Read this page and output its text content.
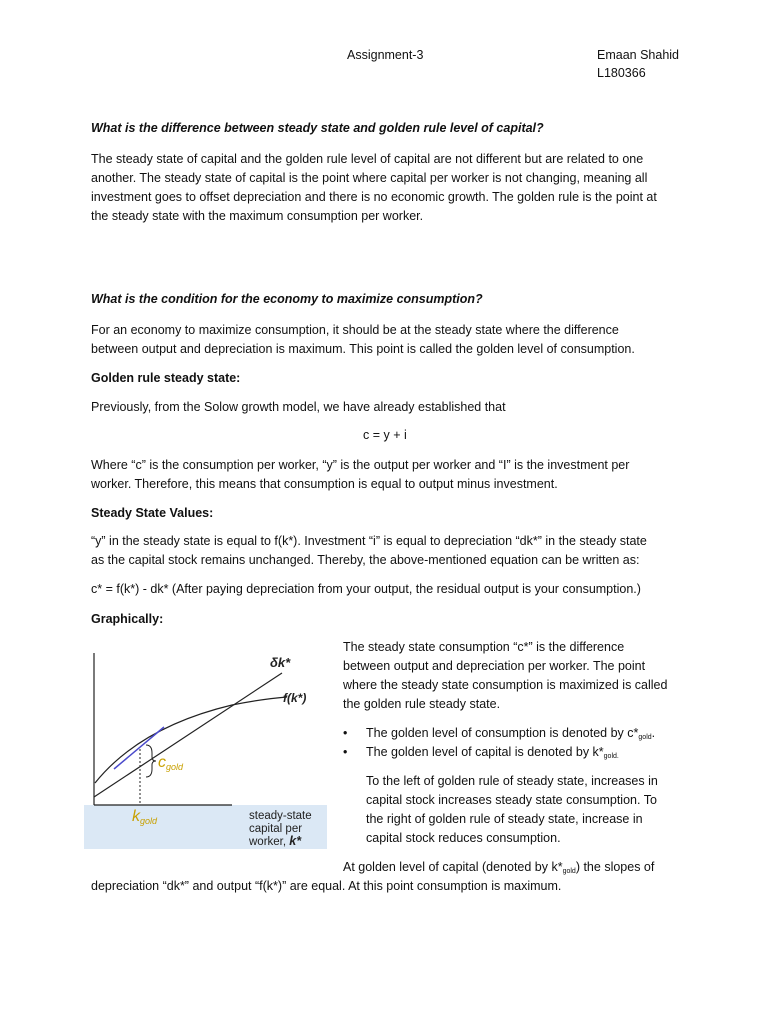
Assignment-3	Emaan Shahid
L180366
What is the difference between steady state and golden rule level of capital?
The steady state of capital and the golden rule level of capital are not different but are related to one
another. The steady state of capital is the point where capital per worker is not changing, meaning all
investment goes to offset depreciation and there is no economic growth. The golden rule is the point at
the steady state with the maximum consumption per worker.
What is the condition for the economy to maximize consumption?
For an economy to maximize consumption, it should be at the steady state where the difference
between output and depreciation is maximum. This point is called the golden level of consumption.
Golden rule steady state:
Previously, from the Solow growth model, we have already established that
c = y + i
Where “c” is the consumption per worker, “y” is the output per worker and “I” is the investment per
worker. Therefore, this means that consumption is equal to output minus investment.
Steady State Values:
“y” in the steady state is equal to f(k*). Investment “i” is equal to depreciation “dk*” in the steady state
as the capital stock remains unchanged. Thereby, the above-mentioned equation can be written as:
c* = f(k*) - dk* (After paying depreciation from your output, the residual output is your consumption.)
Graphically:
δk*
f(k*)
cgold
kgold	steady-state capital per worker, k*
The steady state consumption “c*” is the difference
between output and depreciation per worker. The point
where the steady state consumption is maximized is called
the golden rule steady state.
• The golden level of consumption is denoted by $c*_{gold}$.
• The golden level of capital is denoted by $k*_{gold.}$
To the left of golden rule of steady state, increases in
capital stock increases steady state consumption. To
the right of golden rule of steady state, increase in
capital stock reduces consumption.
At golden level of capital (denoted by $k*_{gold}$) the slopes of
depreciation “dk*” and output “f(k*)” are equal. At this point consumption is maximum.
